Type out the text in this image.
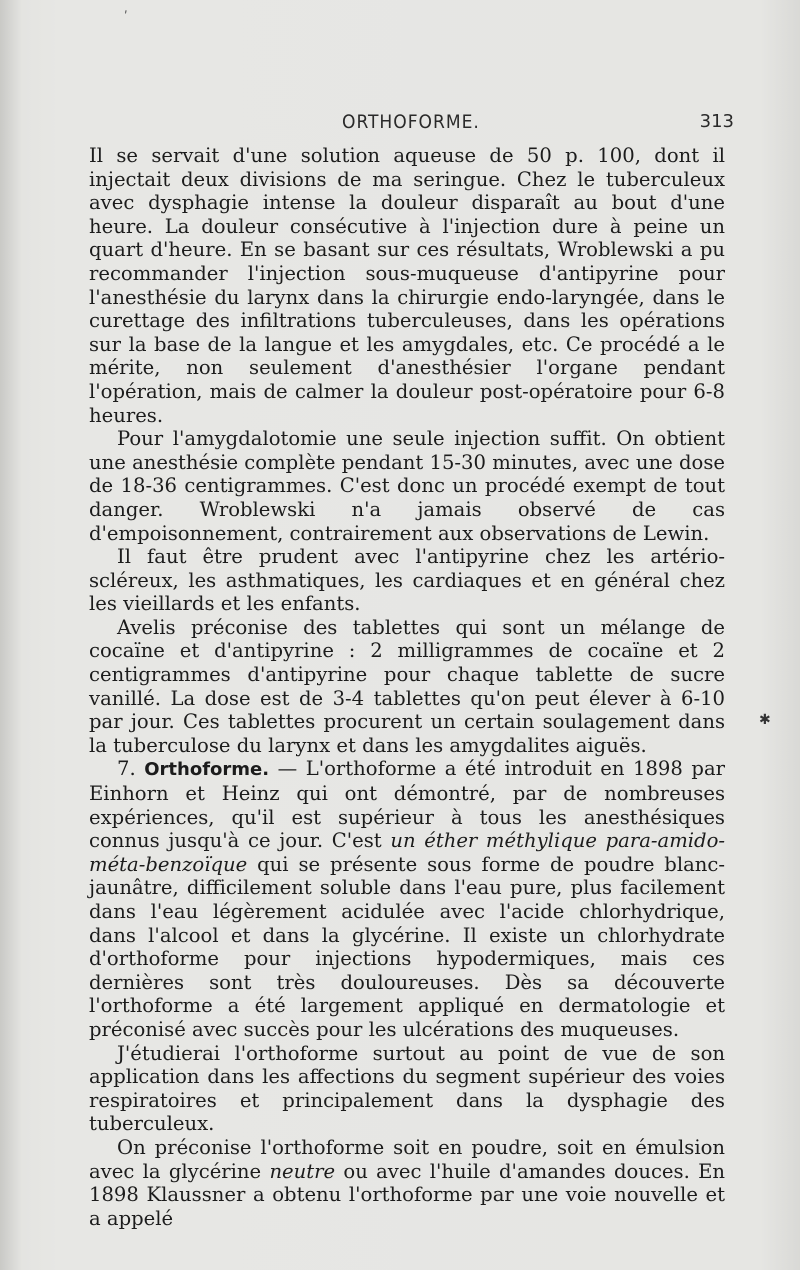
ʹ
ORTHOFORME.	313

Il se servait d'une solution aqueuse de 50 p. 100, dont il injectait deux divisions de ma seringue. Chez le tuberculeux avec dysphagie intense la douleur disparaît au bout d'une heure. La douleur consécutive à l'injection dure à peine un quart d'heure. En se basant sur ces résultats, Wroblewski a pu recommander l'injection sous-muqueuse d'antipyrine pour l'anesthésie du larynx dans la chirurgie endo-laryngée, dans le curettage des infiltrations tuberculeuses, dans les opérations sur la base de la langue et les amygdales, etc. Ce procédé a le mérite, non seulement d'anesthésier l'organe pendant l'opération, mais de calmer la douleur post-opératoire pour 6-8 heures.

Pour l'amygdalotomie une seule injection suffit. On obtient une anesthésie complète pendant 15-30 minutes, avec une dose de 18-36 centigrammes. C'est donc un procédé exempt de tout danger. Wroblewski n'a jamais observé de cas d'empoisonnement, contrairement aux observations de Lewin.

Il faut être prudent avec l'antipyrine chez les artério-scléreux, les asthmatiques, les cardiaques et en général chez les vieillards et les enfants.

Avelis préconise des tablettes qui sont un mélange de cocaïne et d'antipyrine : 2 milligrammes de cocaïne et 2 centigrammes d'antipyrine pour chaque tablette de sucre vanillé. La dose est de 3-4 tablettes qu'on peut élever à 6-10 par jour. Ces tablettes procurent un certain soulagement dans la tuberculose du larynx et dans les amygdalites aiguës.

7. Orthoforme. — L'orthoforme a été introduit en 1898 par Einhorn et Heinz qui ont démontré, par de nombreuses expériences, qu'il est supérieur à tous les anesthésiques connus jusqu'à ce jour. C'est un éther méthylique para-amido-méta-benzoïque qui se présente sous forme de poudre blanc-jaunâtre, difficilement soluble dans l'eau pure, plus facilement dans l'eau légèrement acidulée avec l'acide chlorhydrique, dans l'alcool et dans la glycérine. Il existe un chlorhydrate d'orthoforme pour injections hypodermiques, mais ces dernières sont très douloureuses. Dès sa découverte l'orthoforme a été largement appliqué en dermatologie et préconisé avec succès pour les ulcérations des muqueuses.

J'étudierai l'orthoforme surtout au point de vue de son application dans les affections du segment supérieur des voies respiratoires et principalement dans la dysphagie des tuberculeux.

On préconise l'orthoforme soit en poudre, soit en émulsion avec la glycérine neutre ou avec l'huile d'amandes douces. En 1898 Klaussner a obtenu l'orthoforme par une voie nouvelle et a appelé

✱
